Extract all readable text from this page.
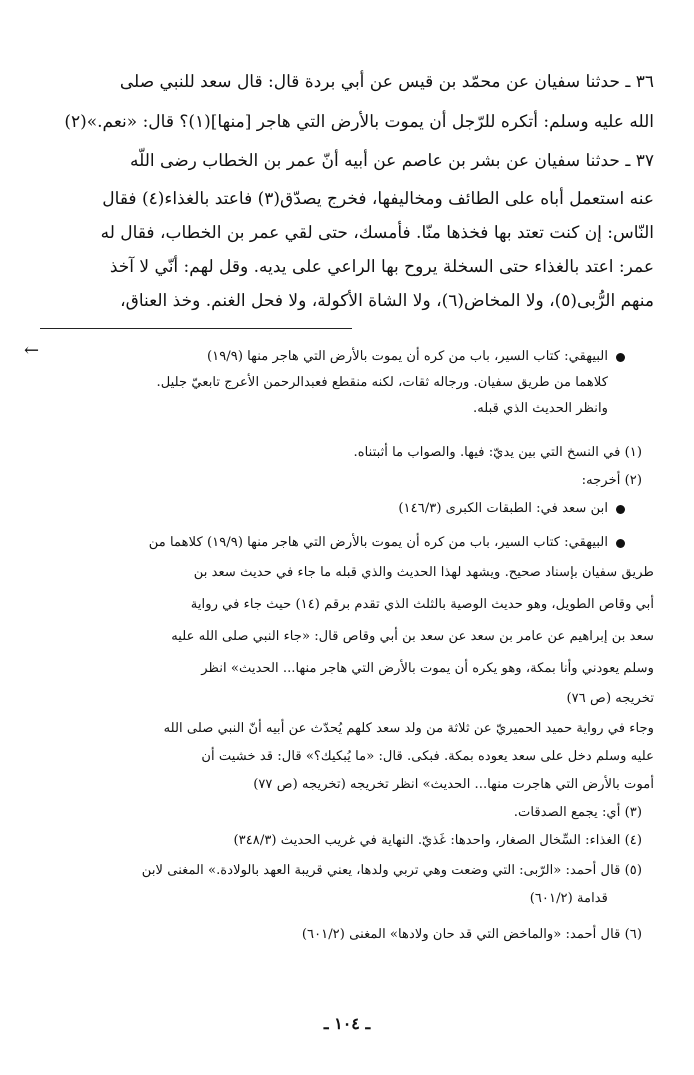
٣٦ ـ حدثنا سفيان عن محمّد بن قيس عن أبي بردة قال: قال سعد للنبي صلى
الله عليه وسلم: أتكره للرّجل أن يموت بالأرض التي هاجر [منها](١)؟ قال: «نعم.»(٢)
٣٧ ـ حدثنا سفيان عن بشر بن عاصم عن أبيه أنّ عمر بن الخطاب رضى اللّه
عنه استعمل أباه على الطائف ومخاليفها، فخرج يصدّق(٣) فاعتد بالغذاء(٤) فقال
النّاس: إن كنت تعتد بها فخذها منّا. فأمسك، حتى لقي عمر بن الخطاب، فقال له
عمر: اعتد بالغذاء حتى السخلة يروح بها الراعي على يديه. وقل لهم: أنّي لا آخذ
منهم الرُّبى(٥)، ولا المخاض(٦)، ولا الشاة الأكولة، ولا فحل الغنم. وخذ العناق،
←	البيهقي: كتاب السير، باب من كره أن يموت بالأرض التي هاجر منها (١٩/٩)
كلاهما من طريق سفيان. ورجاله ثقات، لكنه منقطع فعبدالرحمن الأعرج تابعيّ جليل.
وانظر الحديث الذي قبله.
(١) في النسخ التي بين يديّ: فيها. والصواب ما أثبتناه.
(٢) أخرجه:
ابن سعد في: الطبقات الكبرى (١٤٦/٣)
البيهقي: كتاب السير، باب من كره أن يموت بالأرض التي هاجر منها (١٩/٩) كلاهما من
طريق سفيان بإسناد صحيح. ويشهد لهذا الحديث والذي قبله ما جاء في حديث سعد بن
أبي وقاص الطويل، وهو حديث الوصية بالثلث الذي تقدم برقم (١٤) حيث جاء في رواية
سعد بن إبراهيم عن عامر بن سعد عن سعد بن أبي وقاص قال: «جاء النبي صلى الله عليه
وسلم يعودني وأنا بمكة، وهو يكره أن يموت بالأرض التي هاجر منها... الحديث» انظر
تخريجه (ص ٧٦)
وجاء في رواية حميد الحميريّ عن ثلاثة من ولد سعد كلهم يُحدّث عن أبيه أنّ النبي صلى الله
عليه وسلم دخل على سعد يعوده بمكة. فبكى. قال: «ما يُبكيك؟» قال: قد خشيت أن
أموت بالأرض التي هاجرت منها... الحديث» انظر تخريجه (تخريجه (ص ٧٧)
(٣) أي: يجمع الصدقات.
(٤) الغذاء: السِّخال الصغار، واحدها: غَذيّ. النهاية في غريب الحديث (٣٤٨/٣)
(٥) قال أحمد: «الرّبى: التي وضعت وهي تربي ولدها، يعني قريبة العهد بالولادة.» المغنى لابن
قدامة (٦٠١/٢)
(٦) قال أحمد: «والماخض التي قد حان ولادها» المغنى (٦٠١/٢)
ـ ١٠٤ ـ
